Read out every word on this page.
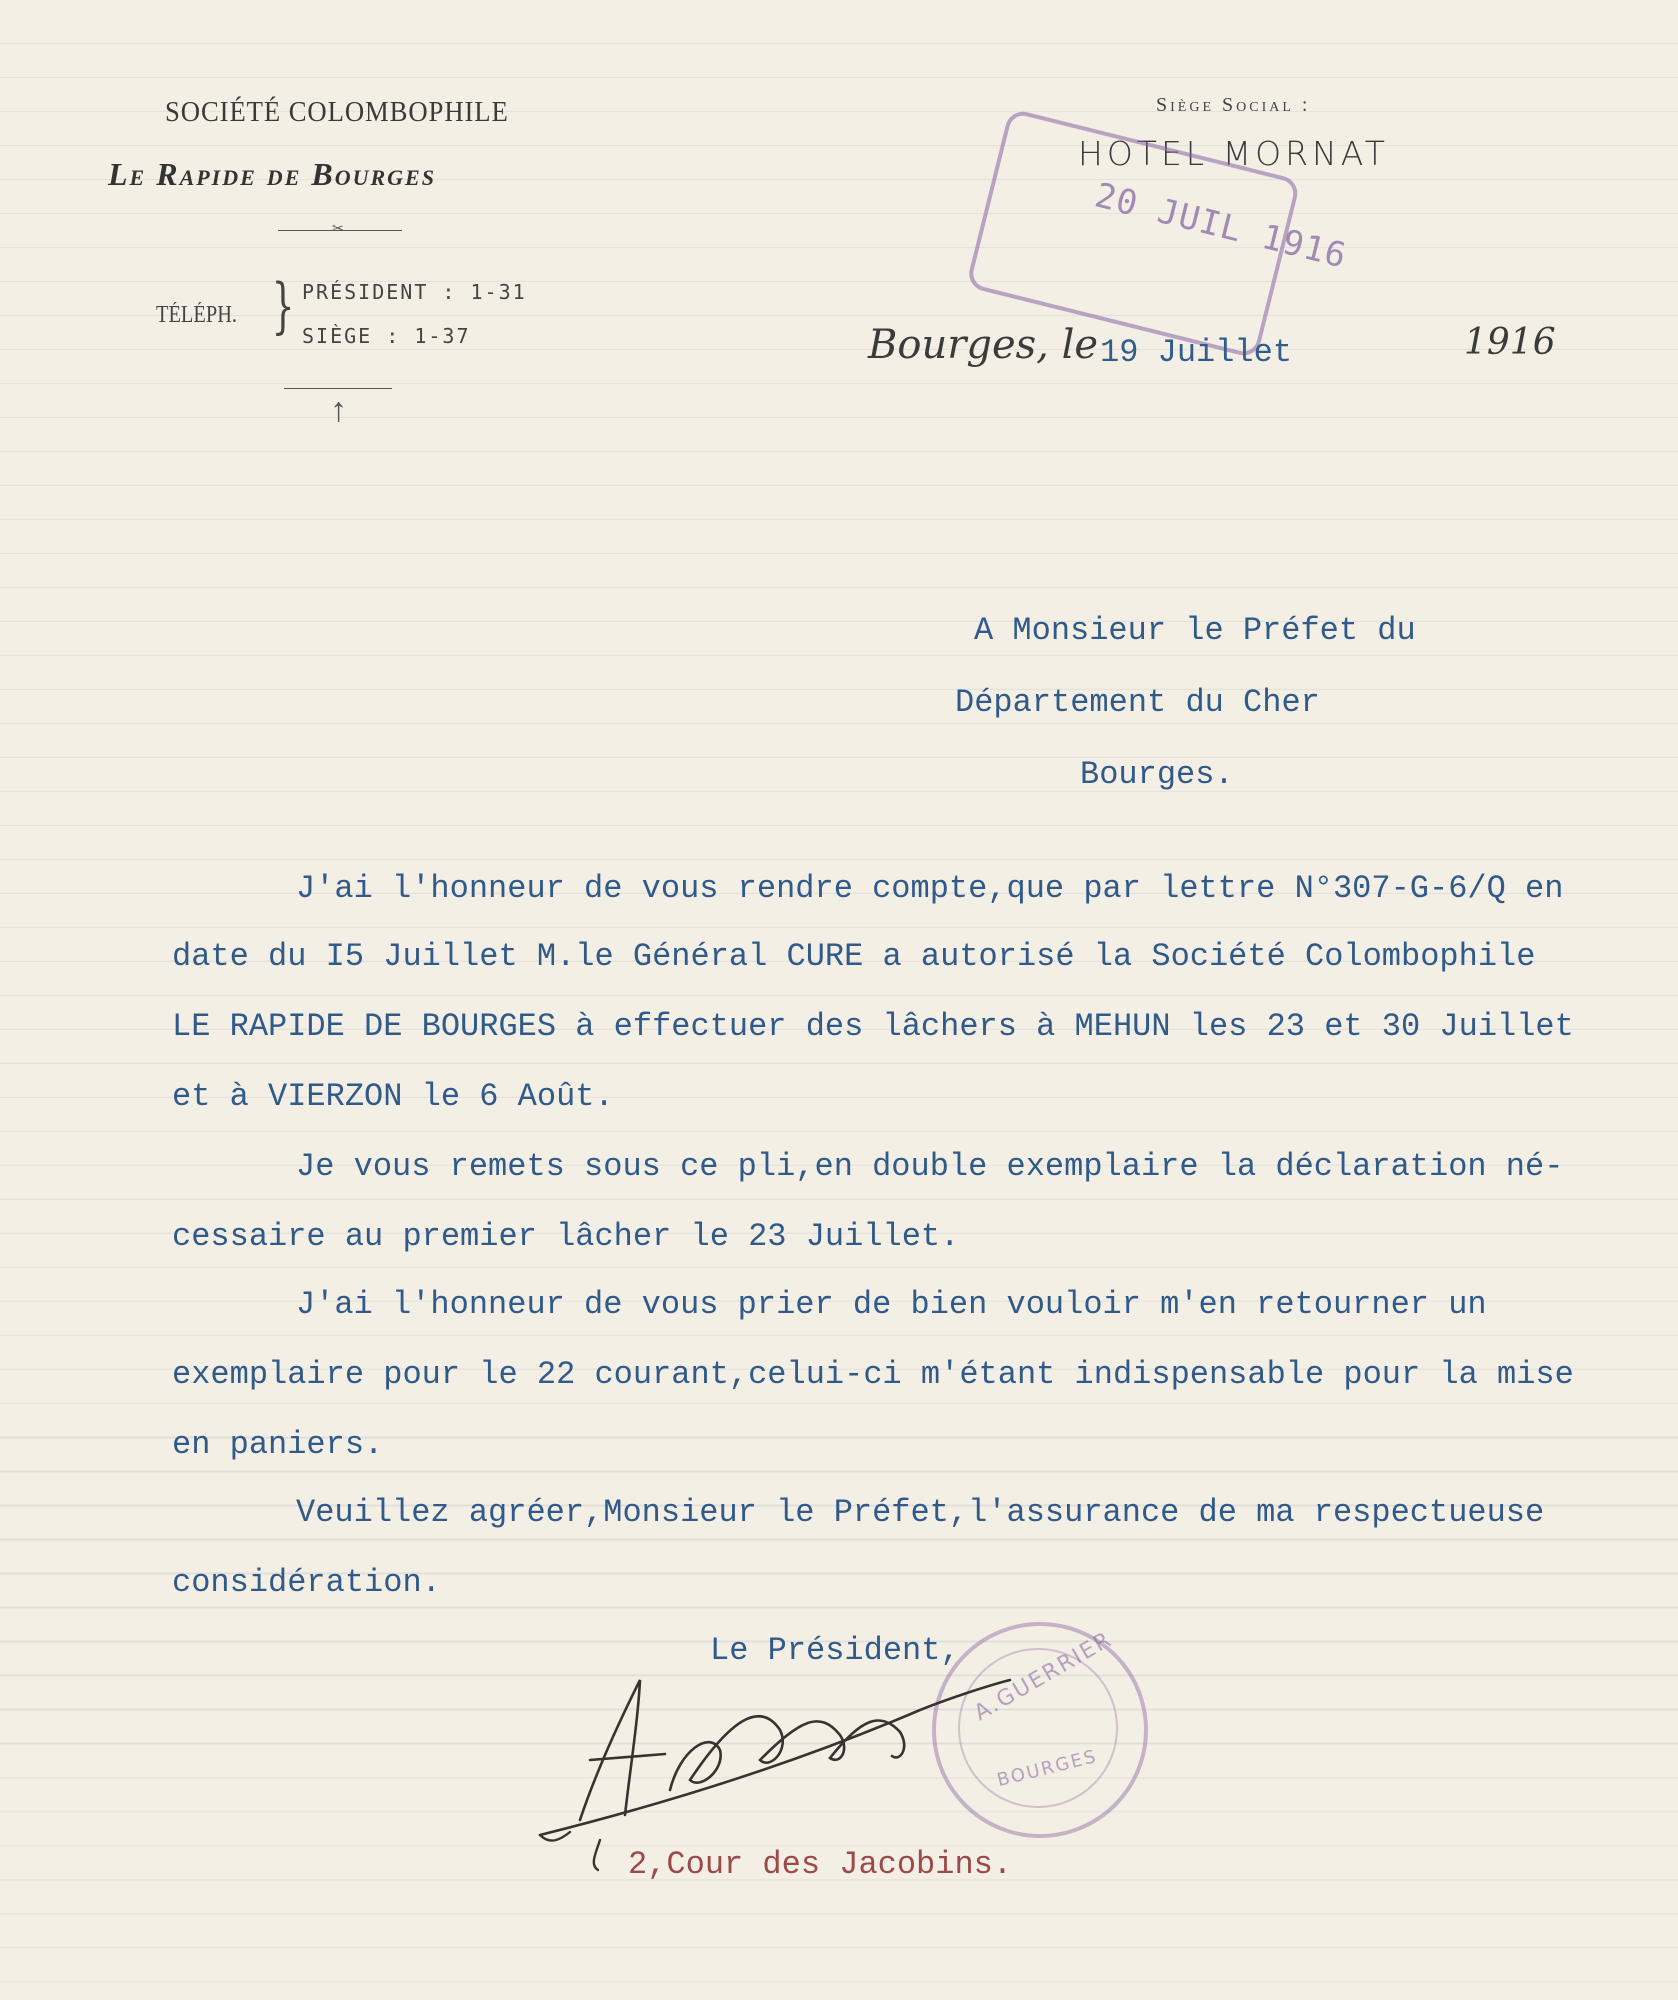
SOCIÉTÉ COLOMBOPHILE
Le Rapide de Bourges
✂
TÉLÉPH. } PRÉSIDENT : 1-31
SIÈGE : 1-37
↑
Siège Social :
HOTEL MORNAT
20 JUIL 1916
Bourges, le 19 Juillet	1916
A Monsieur le Préfet du
Département du Cher
Bourges.
J'ai l'honneur de vous rendre compte,que par lettre N°307-G-6/Q en
date du I5 Juillet M.le Général CURE a autorisé la Société Colombophile
LE RAPIDE DE BOURGES à effectuer des lâchers à MEHUN les 23 et 30 Juillet
et à VIERZON le 6 Août.
Je vous remets sous ce pli,en double exemplaire la déclaration né-
cessaire au premier lâcher le 23 Juillet.
J'ai l'honneur de vous prier de bien vouloir m'en retourner un
exemplaire pour le 22 courant,celui-ci m'étant indispensable pour la mise
en paniers.
Veuillez agréer,Monsieur le Préfet,l'assurance de ma respectueuse
considération.
Le Président, A.GUERRIER
BOURGES
2,Cour des Jacobins.
